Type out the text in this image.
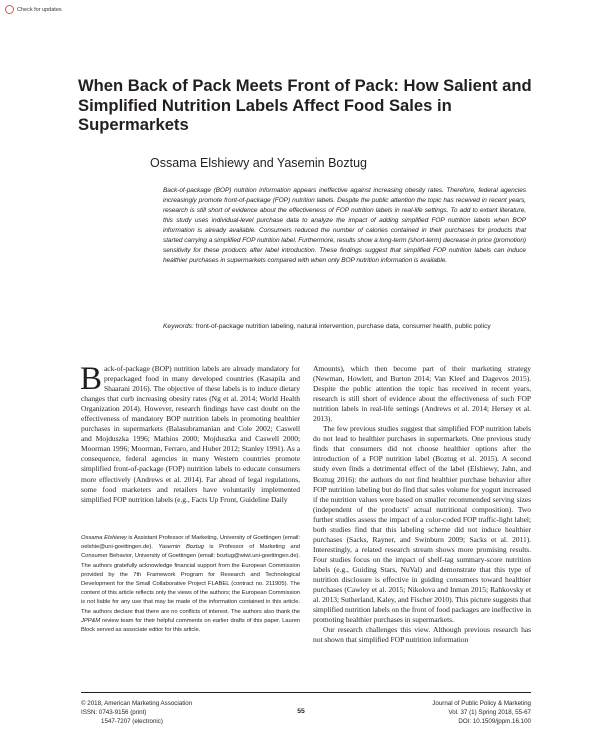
Check for updates
When Back of Pack Meets Front of Pack: How Salient and Simplified Nutrition Labels Affect Food Sales in Supermarkets
Ossama Elshiewy and Yasemin Boztug
Back-of-package (BOP) nutrition information appears ineffective against increasing obesity rates. Therefore, federal agencies increasingly promote front-of-package (FOP) nutrition labels. Despite the public attention the topic has received in recent years, research is still short of evidence about the effectiveness of FOP nutrition labels in real-life settings. To add to extant literature, this study uses individual-level purchase data to analyze the impact of adding simplified FOP nutrition labels when BOP information is already available. Consumers reduced the number of calories contained in their purchases for products that started carrying a simplified FOP nutrition label. Furthermore, results show a long-term (short-term) decrease in price (promotion) sensitivity for these products after label introduction. These findings suggest that simplified FOP nutrition labels can induce healthier purchases in supermarkets compared with when only BOP nutrition information is available.
Keywords: front-of-package nutrition labeling, natural intervention, purchase data, consumer health, public policy

Back-of-package (BOP) nutrition labels are already mandatory for prepackaged food in many developed countries (Kasapila and Shaarani 2016). The objective of these labels is to induce dietary changes that curb increasing obesity rates (Ng et al. 2014; World Health Organization 2014). However, research findings have cast doubt on the effectiveness of mandatory BOP nutrition labels in promoting healthier purchases in supermarkets (Balasubramanian and Cole 2002; Caswell and Mojduszka 1996; Mathios 2000; Mojduszka and Caswell 2000; Moorman 1996; Moorman, Ferraro, and Huber 2012; Stanley 1991). As a consequence, federal agencies in many Western countries promote simplified front-of-package (FOP) nutrition labels to educate consumers more effectively (Andrews et al. 2014). Far ahead of legal regulations, some food marketers and retailers have voluntarily implemented simplified FOP nutrition labels (e.g., Facts Up Front, Guideline Daily

Ossama Elshiewy is Assistant Professor of Marketing, University of Goettingen (email: oelshie@uni-goettingen.de). Yasemin Boztug is Professor of Marketing and Consumer Behavior, University of Goettingen (email: boztug@wiwi.uni-goettingen.de). The authors gratefully acknowledge financial support from the European Commission provided by the 7th Framework Program for Research and Technological Development for the Small Collaborative Project FLABEL (contract no. 211905). The content of this article reflects only the views of the authors; the European Commission is not liable for any use that may be made of the information contained in this article. The authors declare that there are no conflicts of interest. The authors also thank the JPP&M review team for their helpful comments on earlier drafts of this paper. Lauren Block served as associate editor for this article.

Amounts), which then become part of their marketing strategy (Newman, Howlett, and Burton 2014; Van Kleef and Dagevos 2015). Despite the public attention the topic has received in recent years, research is still short of evidence about the effectiveness of such FOP nutrition labels in real-life settings (Andrews et al. 2014; Hersey et al. 2013).

The few previous studies suggest that simplified FOP nutrition labels do not lead to healthier purchases in supermarkets. One previous study finds that consumers did not choose healthier options after the introduction of a FOP nutrition label (Boztug et al. 2015). A second study even finds a detrimental effect of the label (Elshiewy, Jahn, and Boztug 2016): the authors do not find healthier purchase behavior after FOP nutrition labeling but do find that sales volume for yogurt increased if the nutrition values were based on smaller recommended serving sizes (independent of the products' actual nutritional composition). Two further studies assess the impact of a color-coded FOP traffic-light label; both studies find that this labeling scheme did not induce healthier purchases (Sacks, Rayner, and Swinburn 2009; Sacks et al. 2011). Interestingly, a related research stream shows more promising results. Four studies focus on the impact of shelf-tag summary-score nutrition labels (e.g., Guiding Stars, NuVal) and demonstrate that this type of nutrition disclosure is effective in guiding consumers toward healthier purchases (Cawley et al. 2015; Nikolova and Inman 2015; Rahkovsky et al. 2013; Sutherland, Kaley, and Fischer 2010). This picture suggests that simplified nutrition labels on the front of food packages are ineffective in promoting healthier purchases in supermarkets.

Our research challenges this view. Although previous research has not shown that simplified FOP nutrition information

© 2018, American Marketing Association
ISSN: 0743-9156 (print)
1547-7207 (electronic)
55
Journal of Public Policy & Marketing
Vol. 37 (1) Spring 2018, 55-67
DOI: 10.1509/jppm.16.100
